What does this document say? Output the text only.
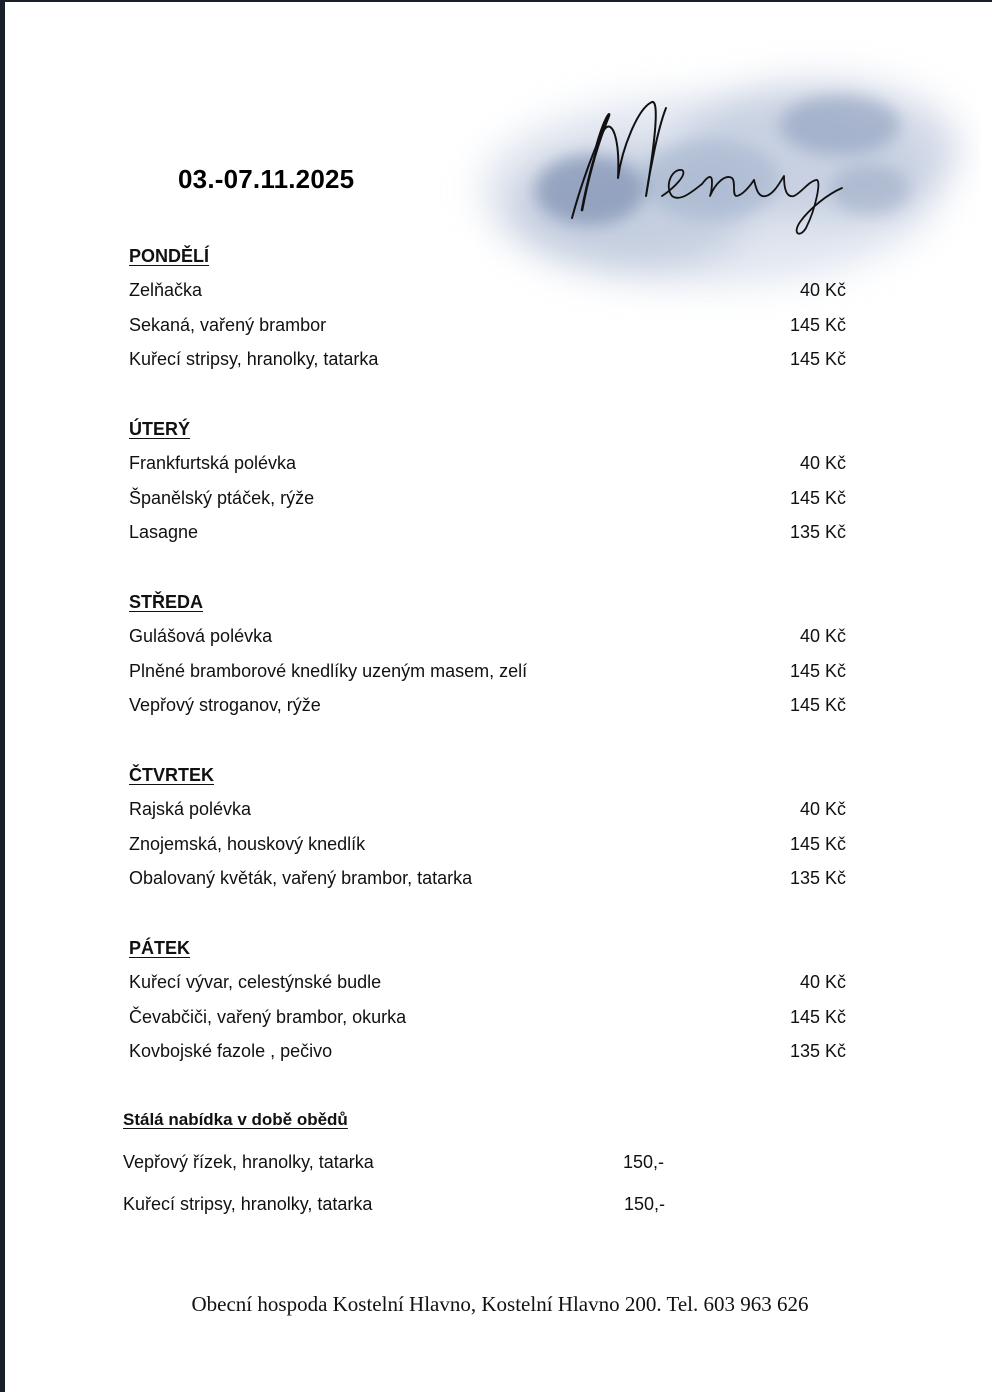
03.-07.11.2025
PONDĚLÍ
Zelňačka	40 Kč
Sekaná, vařený brambor	145 Kč
Kuřecí stripsy, hranolky, tatarka	145 Kč
ÚTERÝ
Frankfurtská polévka	40 Kč
Španělský ptáček, rýže	145 Kč
Lasagne	135 Kč
STŘEDA
Gulášová polévka	40 Kč
Plněné bramborové knedlíky uzeným masem, zelí	145 Kč
Vepřový stroganov, rýže	145 Kč
ČTVRTEK
Rajská polévka	40 Kč
Znojemská, houskový knedlík	145 Kč
Obalovaný květák, vařený brambor, tatarka	135 Kč
PÁTEK
Kuřecí vývar, celestýnské budle	40 Kč
Čevabčiči, vařený brambor, okurka	145 Kč
Kovbojské fazole , pečivo	135 Kč
Stálá nabídka v době obědů
Vepřový řízek, hranolky, tatarka	150,-
Kuřecí stripsy, hranolky, tatarka	150,-
Obecní hospoda Kostelní Hlavno, Kostelní Hlavno 200. Tel. 603 963 626
